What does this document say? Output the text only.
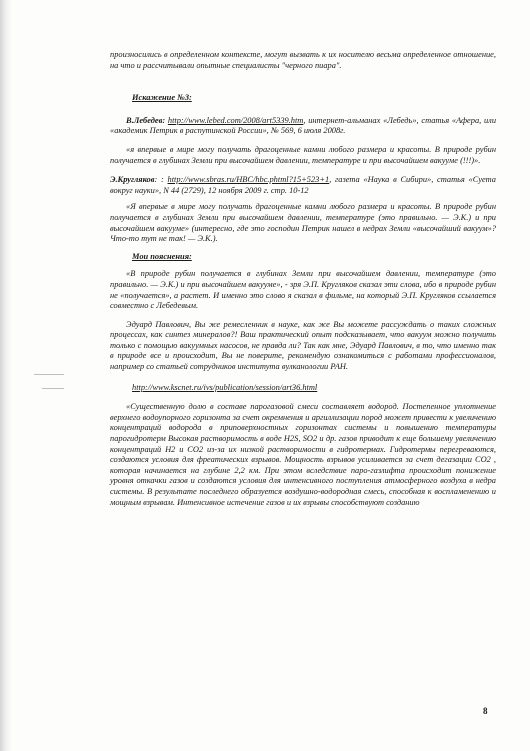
произносились в определенном контексте, могут вызвать к их носителю весьма определенное отношение, на что и рассчитывали опытные специалисты "черного пиара".

Искажение №3:

В.Лебедев: http://www.lebed.com/2008/art5339.htm, интернет-альманах «Лебедь», статья «Афера, или «академик Петрик в распутинской России», № 569, 6 июля 2008г.

«я впервые в мире могу получать драгоценные камни любого размера и красоты. В природе рубин получается в глубинах Земли при высочайшем давлении, температуре и при высочайшем вакууме (!!!)».

Э.Кругляков: : http://www.sbras.ru/HBC/hbc.phtml?15+523+1, газета «Наука в Сибири», статья «Суета вокруг науки», N 44 (2729), 12 ноября 2009 г. стр. 10-12

«Я впервые в мире могу получать драгоценные камни любого размера и красоты. В природе рубин получается в глубинах Земли при высочайшем давлении, температуре (это правильно. — Э.К.) и при высочайшем вакууме» (интересно, где это господин Петрик нашел в недрах Земли «высочайший вакуум»? Что-то тут не так! — Э.К.).

Мои пояснения:

«В природе рубин получается в глубинах Земли при высочайшем давлении, температуре (это правильно. — Э.К.) и при высочайшем вакууме», - зря Э.П. Кругляков сказал эти слова, ибо в природе рубин не «получается», а растет. И именно это слово я сказал в фильме, на который Э.П. Кругляков ссылается совместно с Лебедевым.

Эдуард Павлович, Вы же ремесленник в науке, как же Вы можете рассуждать о таких сложных процессах, как синтез минералов?! Ваш практический опыт подсказывает, что вакуум можно получить только с помощью вакуумных насосов, не правда ли? Так как мне, Эдуард Павлович, в то, что именно так в природе все и происходит, Вы не поверите, рекомендую ознакомиться с работами профессионалов, например со статьей сотрудников института вулканологии РАН.

http://www.kscnet.ru/ivs/publication/session/art36.html

«Существенную долю в составе парогазовой смеси составляет водород. Постепенное уплотнение верхнего водоупорного горизонта за счет окремнения и аргиллизации пород может привести к увеличению концентраций водорода в приповерхностных горизонтах системы и повышению температуры парогидротерм Высокая растворимость в воде H2S, SO2 и др. газов приводит к еще большему увеличению концентраций H2 и CO2 из-за их низкой растворимости в гидротермах. Гидротермы перегреваются, создаются условия для фреатических взрывов. Мощность взрывов усиливается за счет дегазации CO2 , которая начинается на глубине 2,2 км. При этом вследствие паро-газлифта происходит понижение уровня откачки газов и создаются условия для интенсивного поступления атмосферного воздуха в недра системы. В результате последнего образуется воздушно-водородная смесь, способная к воспламенению и мощным взрывам. Интенсивное истечение газов и их взрывы способствуют созданию

8
